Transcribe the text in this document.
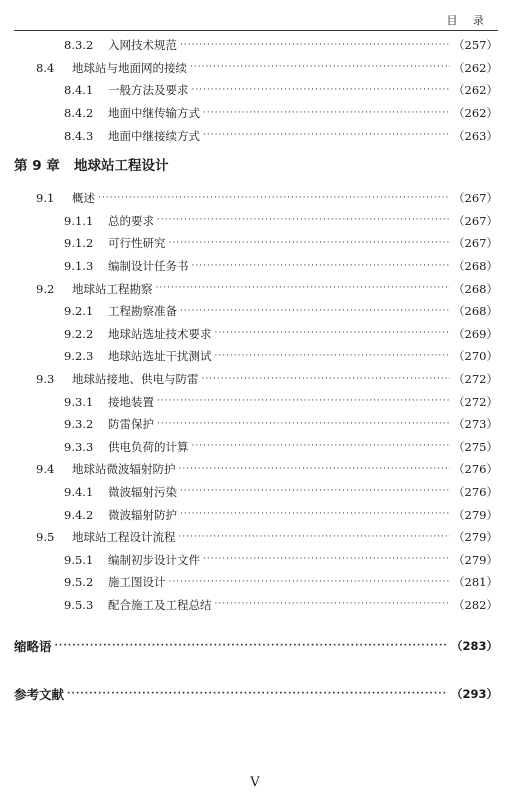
目 录
8.3.2	入网技术规范 ·····	（257）
8.4	地球站与地面网的接续 ·····	（262）
8.4.1	一般方法及要求 ·····	（262）
8.4.2	地面中继传输方式 ·····	（262）
8.4.3	地面中继接续方式 ·····	（263）
第 9 章	地球站工程设计
9.1	概述 ·····	（267）
9.1.1	总的要求 ·····	（267）
9.1.2	可行性研究 ·····	（267）
9.1.3	编制设计任务书 ·····	（268）
9.2	地球站工程勘察 ·····	（268）
9.2.1	工程勘察准备 ·····	（268）
9.2.2	地球站选址技术要求 ·····	（269）
9.2.3	地球站选址干扰测试 ·····	（270）
9.3	地球站接地、供电与防雷 ·····	（272）
9.3.1	接地装置 ·····	（272）
9.3.2	防雷保护 ·····	（273）
9.3.3	供电负荷的计算 ·····	（275）
9.4	地球站微波辐射防护 ·····	（276）
9.4.1	微波辐射污染 ·····	（276）
9.4.2	微波辐射防护 ·····	（279）
9.5	地球站工程设计流程 ·····	（279）
9.5.1	编制初步设计文件 ·····	（279）
9.5.2	施工图设计 ·····	（281）
9.5.3	配合施工及工程总结 ·····	（282）
缩略语 ·····	（283）
参考文献 ·····	（293）
V
